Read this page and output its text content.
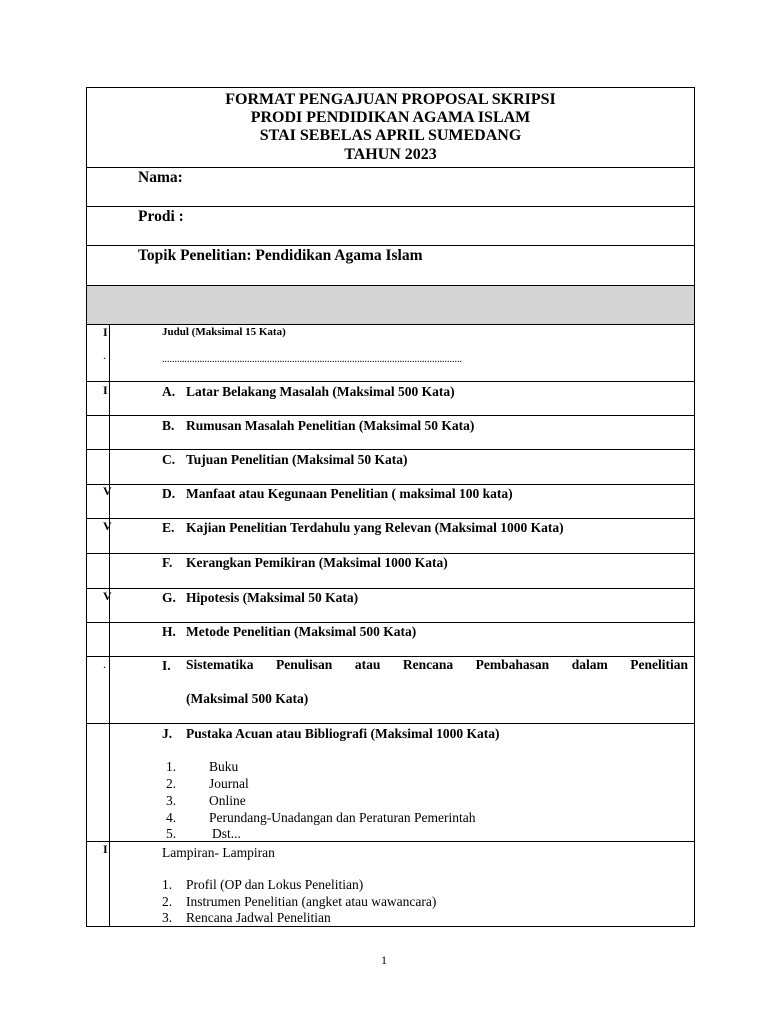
FORMAT PENGAJUAN PROPOSAL SKRIPSI
PRODI PENDIDIKAN AGAMA ISLAM
STAI SEBELAS APRIL SUMEDANG
TAHUN 2023
Nama:
Prodi :
Topik Penelitian: Pendidikan Agama Islam
I
.
I
V
V
V
.
I
Judul (Maksimal 15 Kata)
........................................................................................................................
A. Latar Belakang Masalah (Maksimal 500 Kata)
B. Rumusan Masalah Penelitian (Maksimal 50 Kata)
C. Tujuan Penelitian (Maksimal 50 Kata)
D. Manfaat atau Kegunaan Penelitian ( maksimal 100 kata)
E. Kajian Penelitian Terdahulu yang Relevan (Maksimal 1000 Kata)
F. Kerangkan Pemikiran (Maksimal 1000 Kata)
G. Hipotesis (Maksimal 50 Kata)
H. Metode Penelitian (Maksimal 500 Kata)
I. Sistematika Penulisan atau Rencana Pembahasan dalam Penelitian
(Maksimal 500 Kata)
J. Pustaka Acuan atau Bibliografi (Maksimal 1000 Kata)
1. Buku
2. Journal
3. Online
4. Perundang-Unadangan dan Peraturan Pemerintah
5.	Dst...
Lampiran- Lampiran
1. Profil (OP dan Lokus Penelitian)
2. Instrumen Penelitian (angket atau wawancara)
3. Rencana Jadwal Penelitian
1
